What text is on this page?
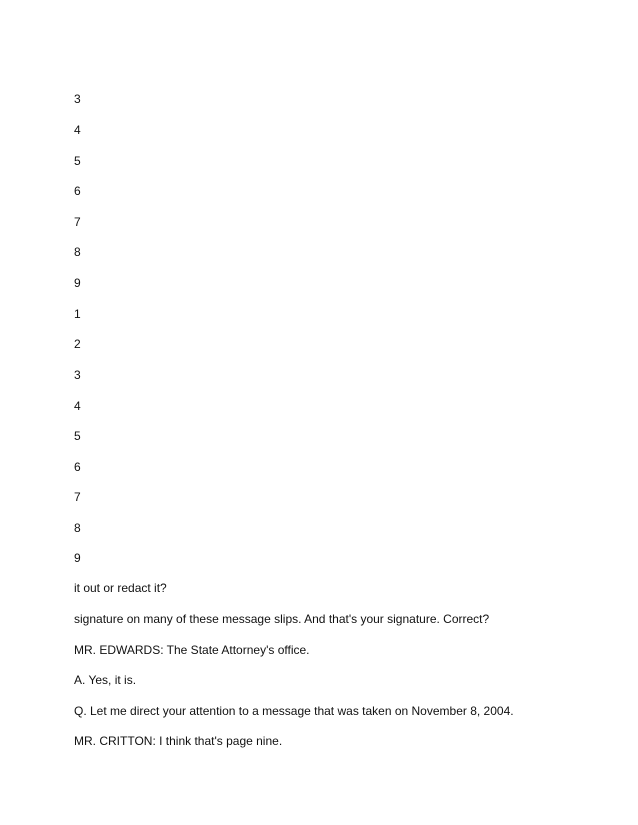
3
4
5
6
7
8
9
1
2
3
4
5
6
7
8
9
it out or redact it?
signature on many of these message slips. And that's your signature. Correct?
MR. EDWARDS: The State Attorney's office.
A. Yes, it is.
Q. Let me direct your attention to a message that was taken on November 8, 2004.
MR. CRITTON: I think that's page nine.
